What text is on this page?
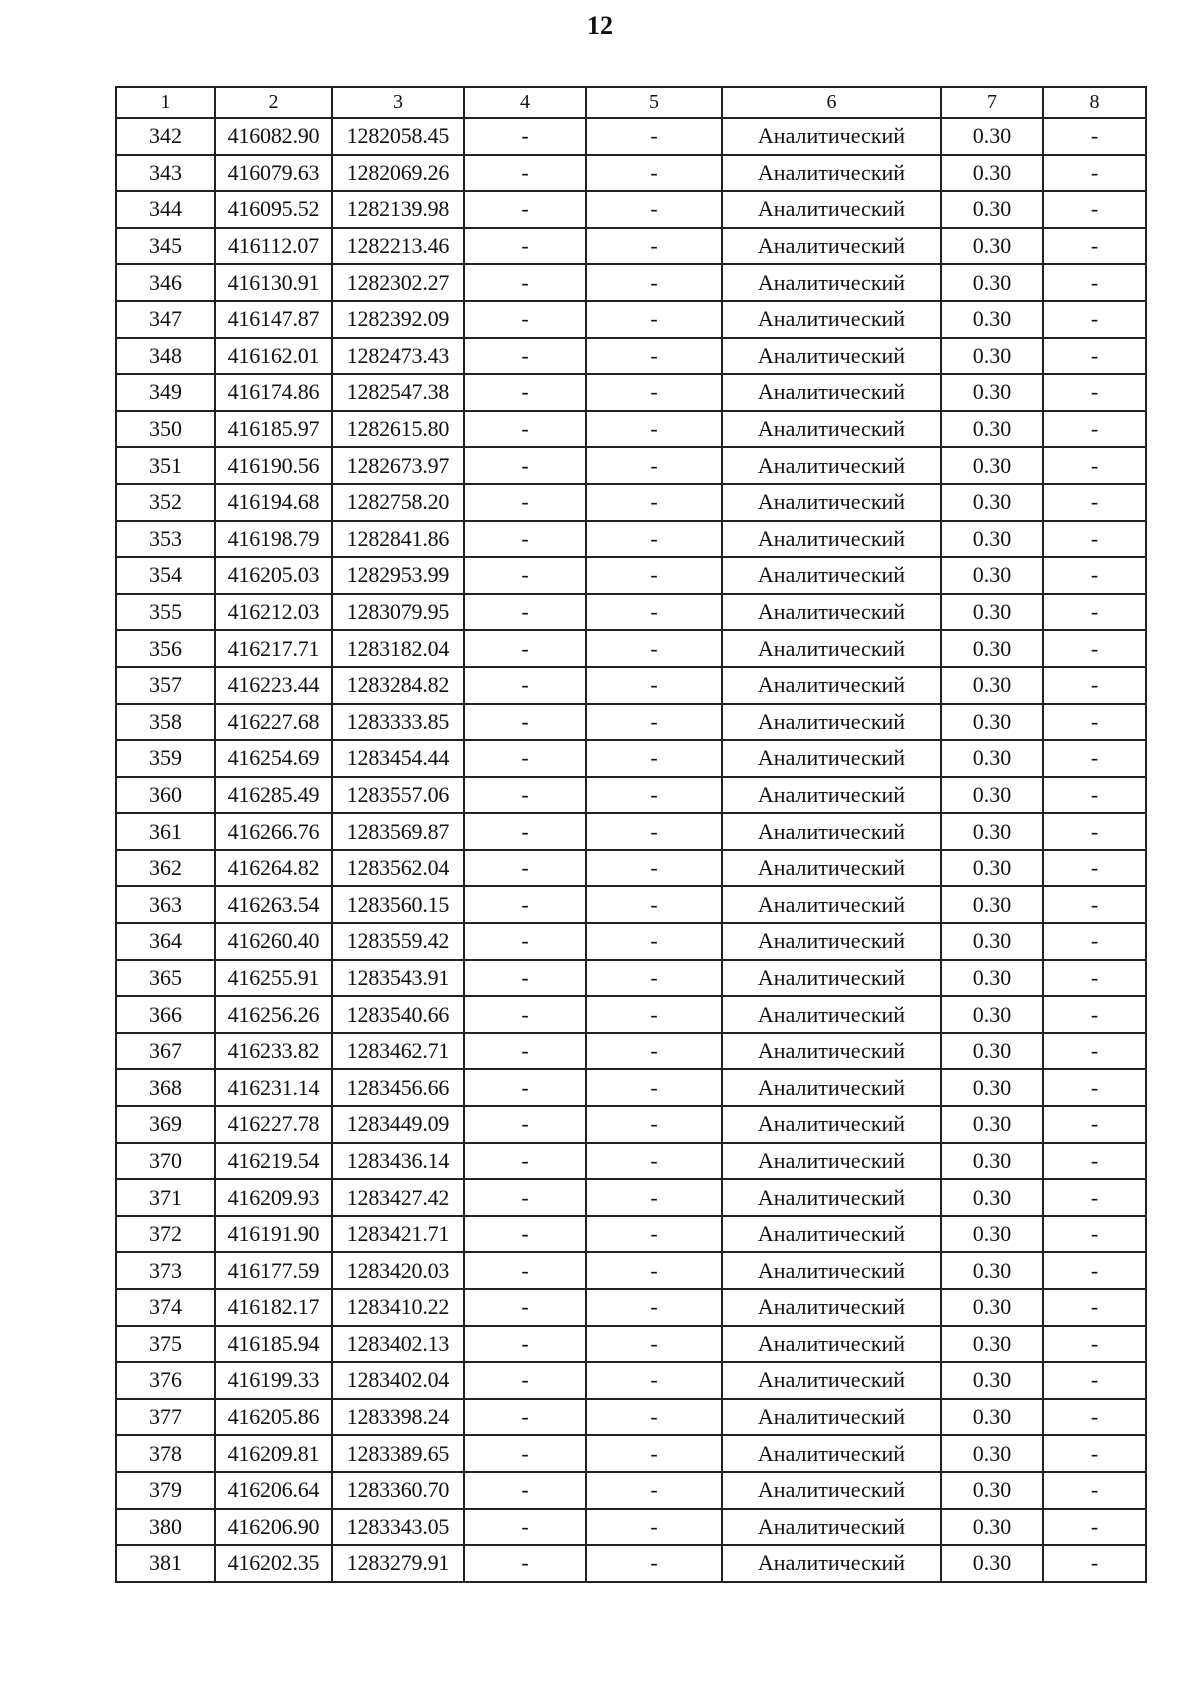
12
1	2	3	4	5	6	7	8
342	416082.90	1282058.45	-	-	Аналитический	0.30	-
343	416079.63	1282069.26	-	-	Аналитический	0.30	-
344	416095.52	1282139.98	-	-	Аналитический	0.30	-
345	416112.07	1282213.46	-	-	Аналитический	0.30	-
346	416130.91	1282302.27	-	-	Аналитический	0.30	-
347	416147.87	1282392.09	-	-	Аналитический	0.30	-
348	416162.01	1282473.43	-	-	Аналитический	0.30	-
349	416174.86	1282547.38	-	-	Аналитический	0.30	-
350	416185.97	1282615.80	-	-	Аналитический	0.30	-
351	416190.56	1282673.97	-	-	Аналитический	0.30	-
352	416194.68	1282758.20	-	-	Аналитический	0.30	-
353	416198.79	1282841.86	-	-	Аналитический	0.30	-
354	416205.03	1282953.99	-	-	Аналитический	0.30	-
355	416212.03	1283079.95	-	-	Аналитический	0.30	-
356	416217.71	1283182.04	-	-	Аналитический	0.30	-
357	416223.44	1283284.82	-	-	Аналитический	0.30	-
358	416227.68	1283333.85	-	-	Аналитический	0.30	-
359	416254.69	1283454.44	-	-	Аналитический	0.30	-
360	416285.49	1283557.06	-	-	Аналитический	0.30	-
361	416266.76	1283569.87	-	-	Аналитический	0.30	-
362	416264.82	1283562.04	-	-	Аналитический	0.30	-
363	416263.54	1283560.15	-	-	Аналитический	0.30	-
364	416260.40	1283559.42	-	-	Аналитический	0.30	-
365	416255.91	1283543.91	-	-	Аналитический	0.30	-
366	416256.26	1283540.66	-	-	Аналитический	0.30	-
367	416233.82	1283462.71	-	-	Аналитический	0.30	-
368	416231.14	1283456.66	-	-	Аналитический	0.30	-
369	416227.78	1283449.09	-	-	Аналитический	0.30	-
370	416219.54	1283436.14	-	-	Аналитический	0.30	-
371	416209.93	1283427.42	-	-	Аналитический	0.30	-
372	416191.90	1283421.71	-	-	Аналитический	0.30	-
373	416177.59	1283420.03	-	-	Аналитический	0.30	-
374	416182.17	1283410.22	-	-	Аналитический	0.30	-
375	416185.94	1283402.13	-	-	Аналитический	0.30	-
376	416199.33	1283402.04	-	-	Аналитический	0.30	-
377	416205.86	1283398.24	-	-	Аналитический	0.30	-
378	416209.81	1283389.65	-	-	Аналитический	0.30	-
379	416206.64	1283360.70	-	-	Аналитический	0.30	-
380	416206.90	1283343.05	-	-	Аналитический	0.30	-
381	416202.35	1283279.91	-	-	Аналитический	0.30	-
